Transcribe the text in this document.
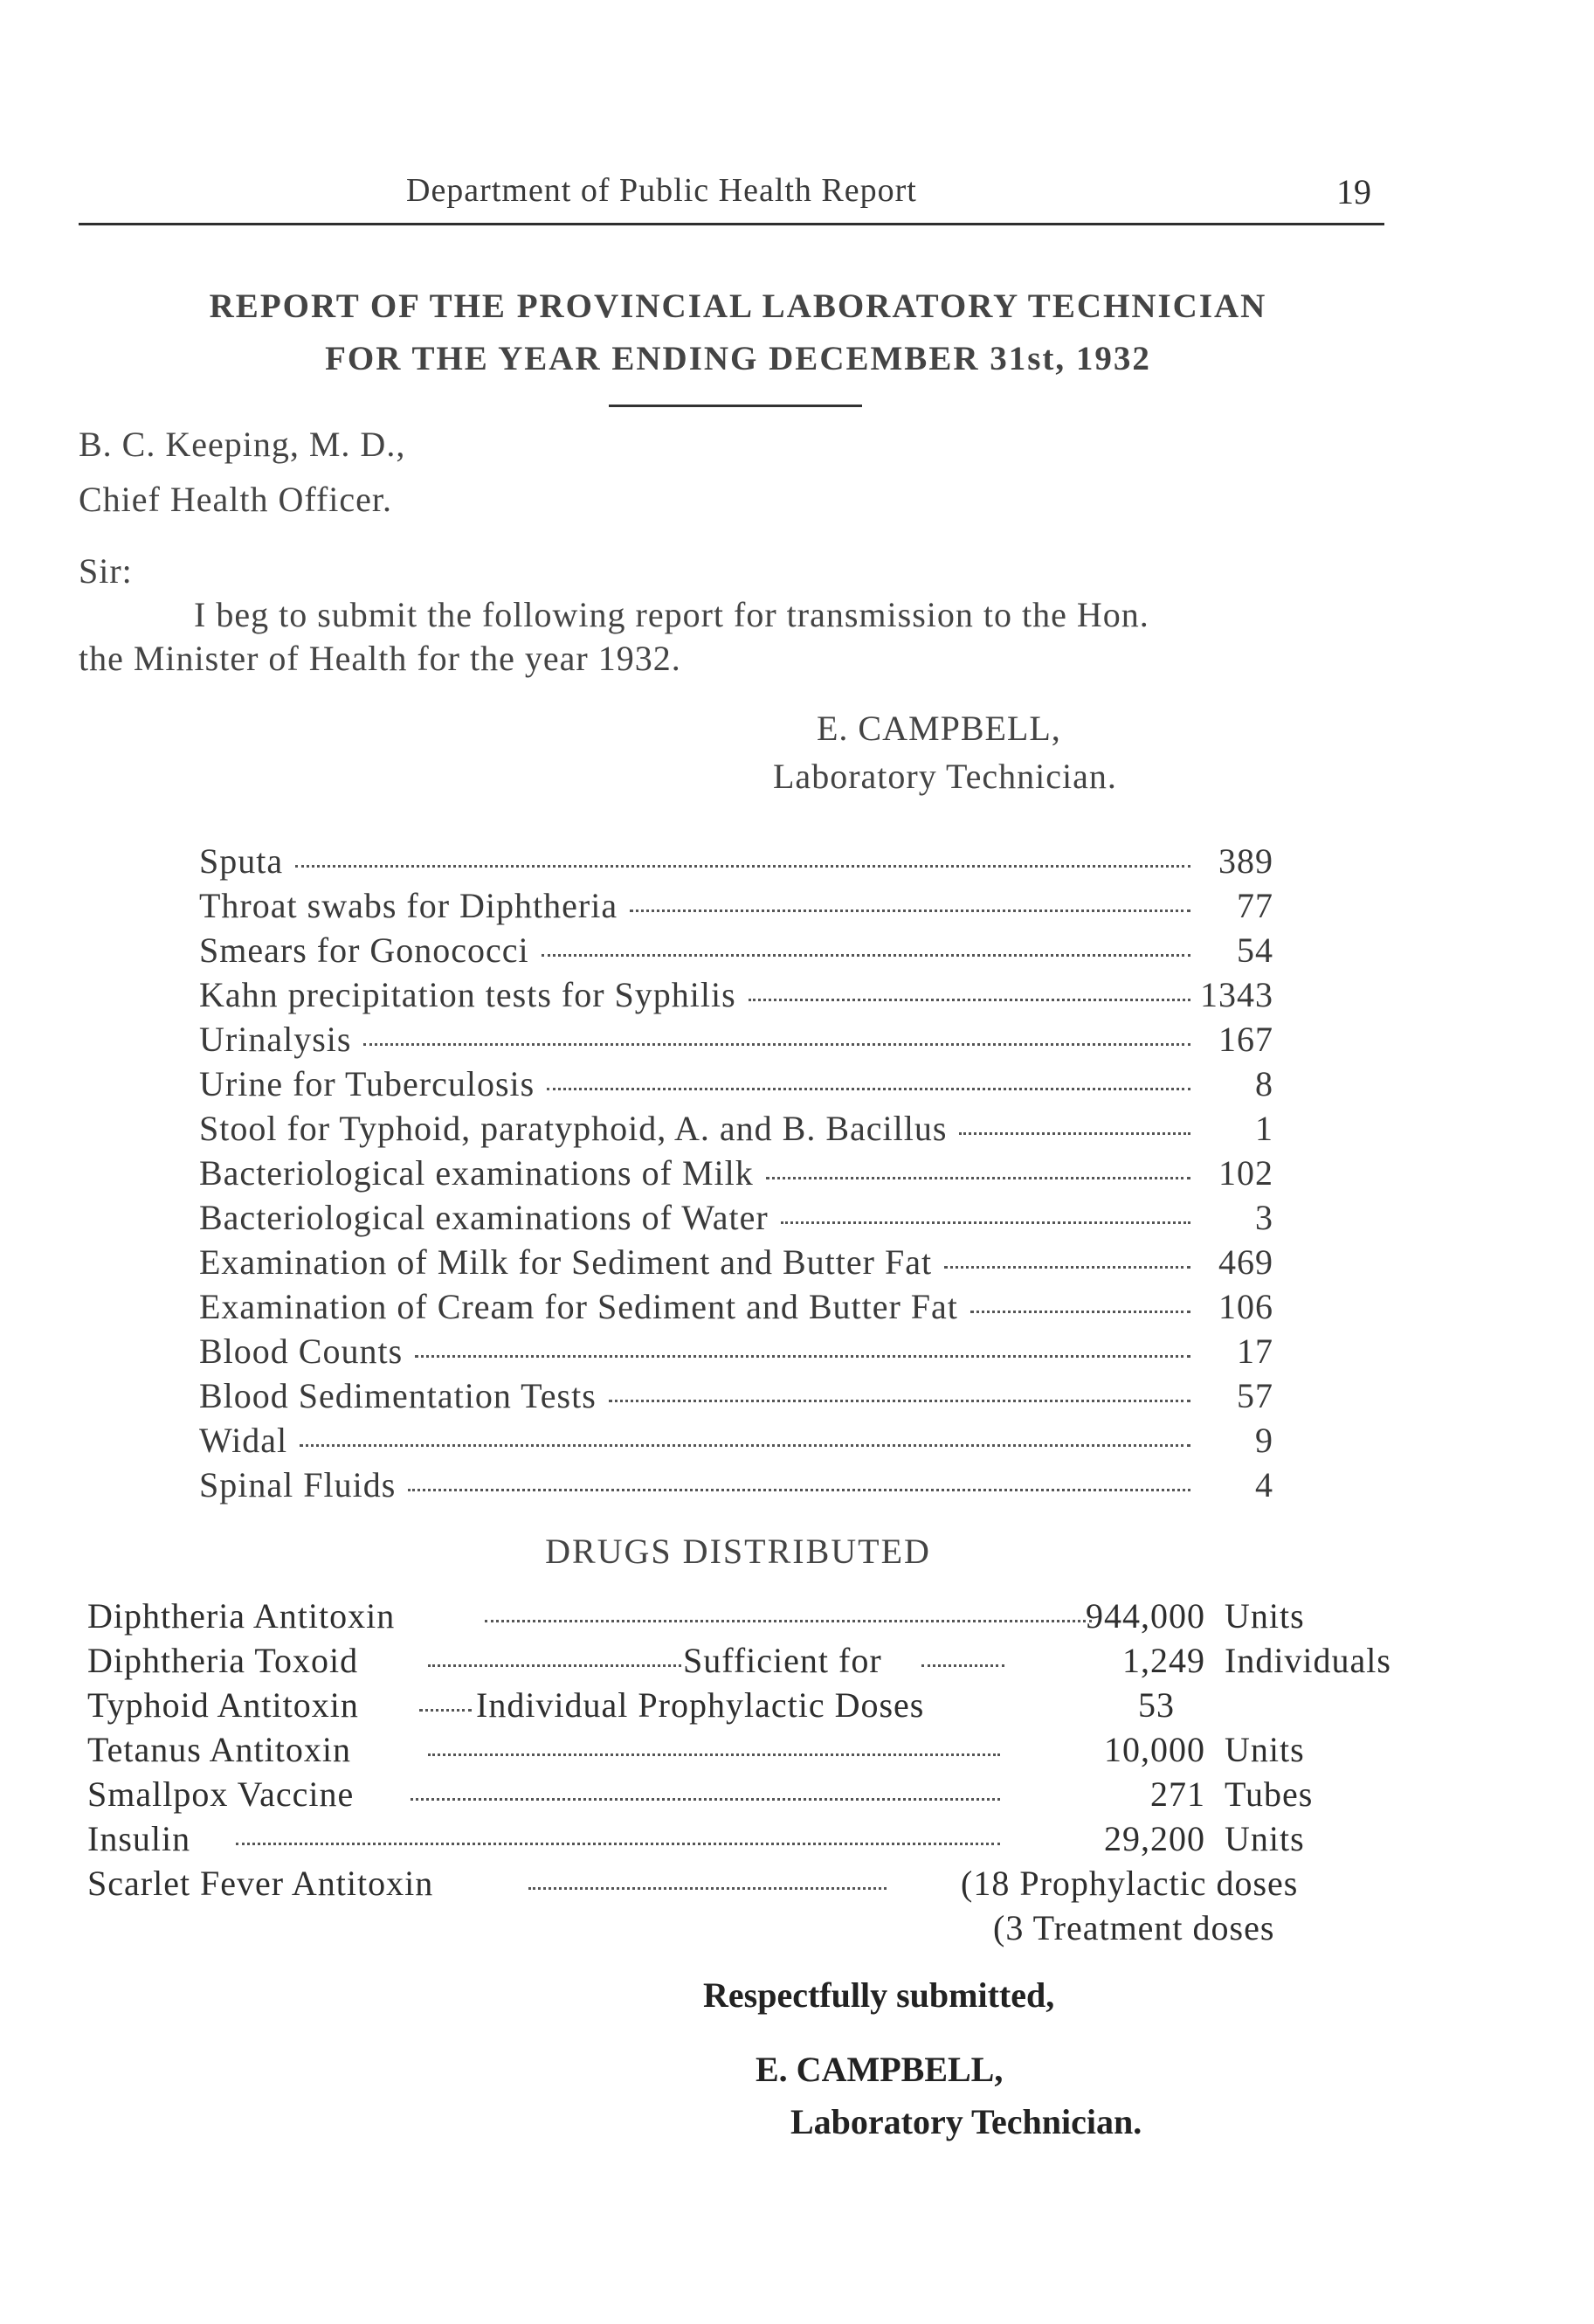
Department of Public Health Report	19
REPORT OF THE PROVINCIAL LABORATORY TECHNICIAN
FOR THE YEAR ENDING DECEMBER 31st, 1932
B. C. Keeping, M. D.,
Chief Health Officer.
Sir:
I beg to submit the following report for transmission to the Hon.
the Minister of Health for the year 1932.
E. CAMPBELL,
Laboratory Technician.
Sputa	389
Throat swabs for Diphtheria	77
Smears for Gonococci	54
Kahn precipitation tests for Syphilis	1343
Urinalysis	167
Urine for Tuberculosis	8
Stool for Typhoid, paratyphoid, A. and B. Bacillus	1
Bacteriological examinations of Milk	102
Bacteriological examinations of Water	3
Examination of Milk for Sediment and Butter Fat	469
Examination of Cream for Sediment and Butter Fat	106
Blood Counts	17
Blood Sedimentation Tests	57
Widal	9
Spinal Fluids	4
DRUGS DISTRIBUTED
Diphtheria Antitoxin	944,000 Units
Diphtheria Toxoid	Sufficient for	1,249 Individuals
Typhoid Antitoxin	Individual Prophylactic Doses	53
Tetanus Antitoxin	10,000 Units
Smallpox Vaccine	271 Tubes
Insulin	29,200 Units
Scarlet Fever Antitoxin	(18 Prophylactic doses
(3 Treatment doses
Respectfully submitted,
E. CAMPBELL,
Laboratory Technician.
